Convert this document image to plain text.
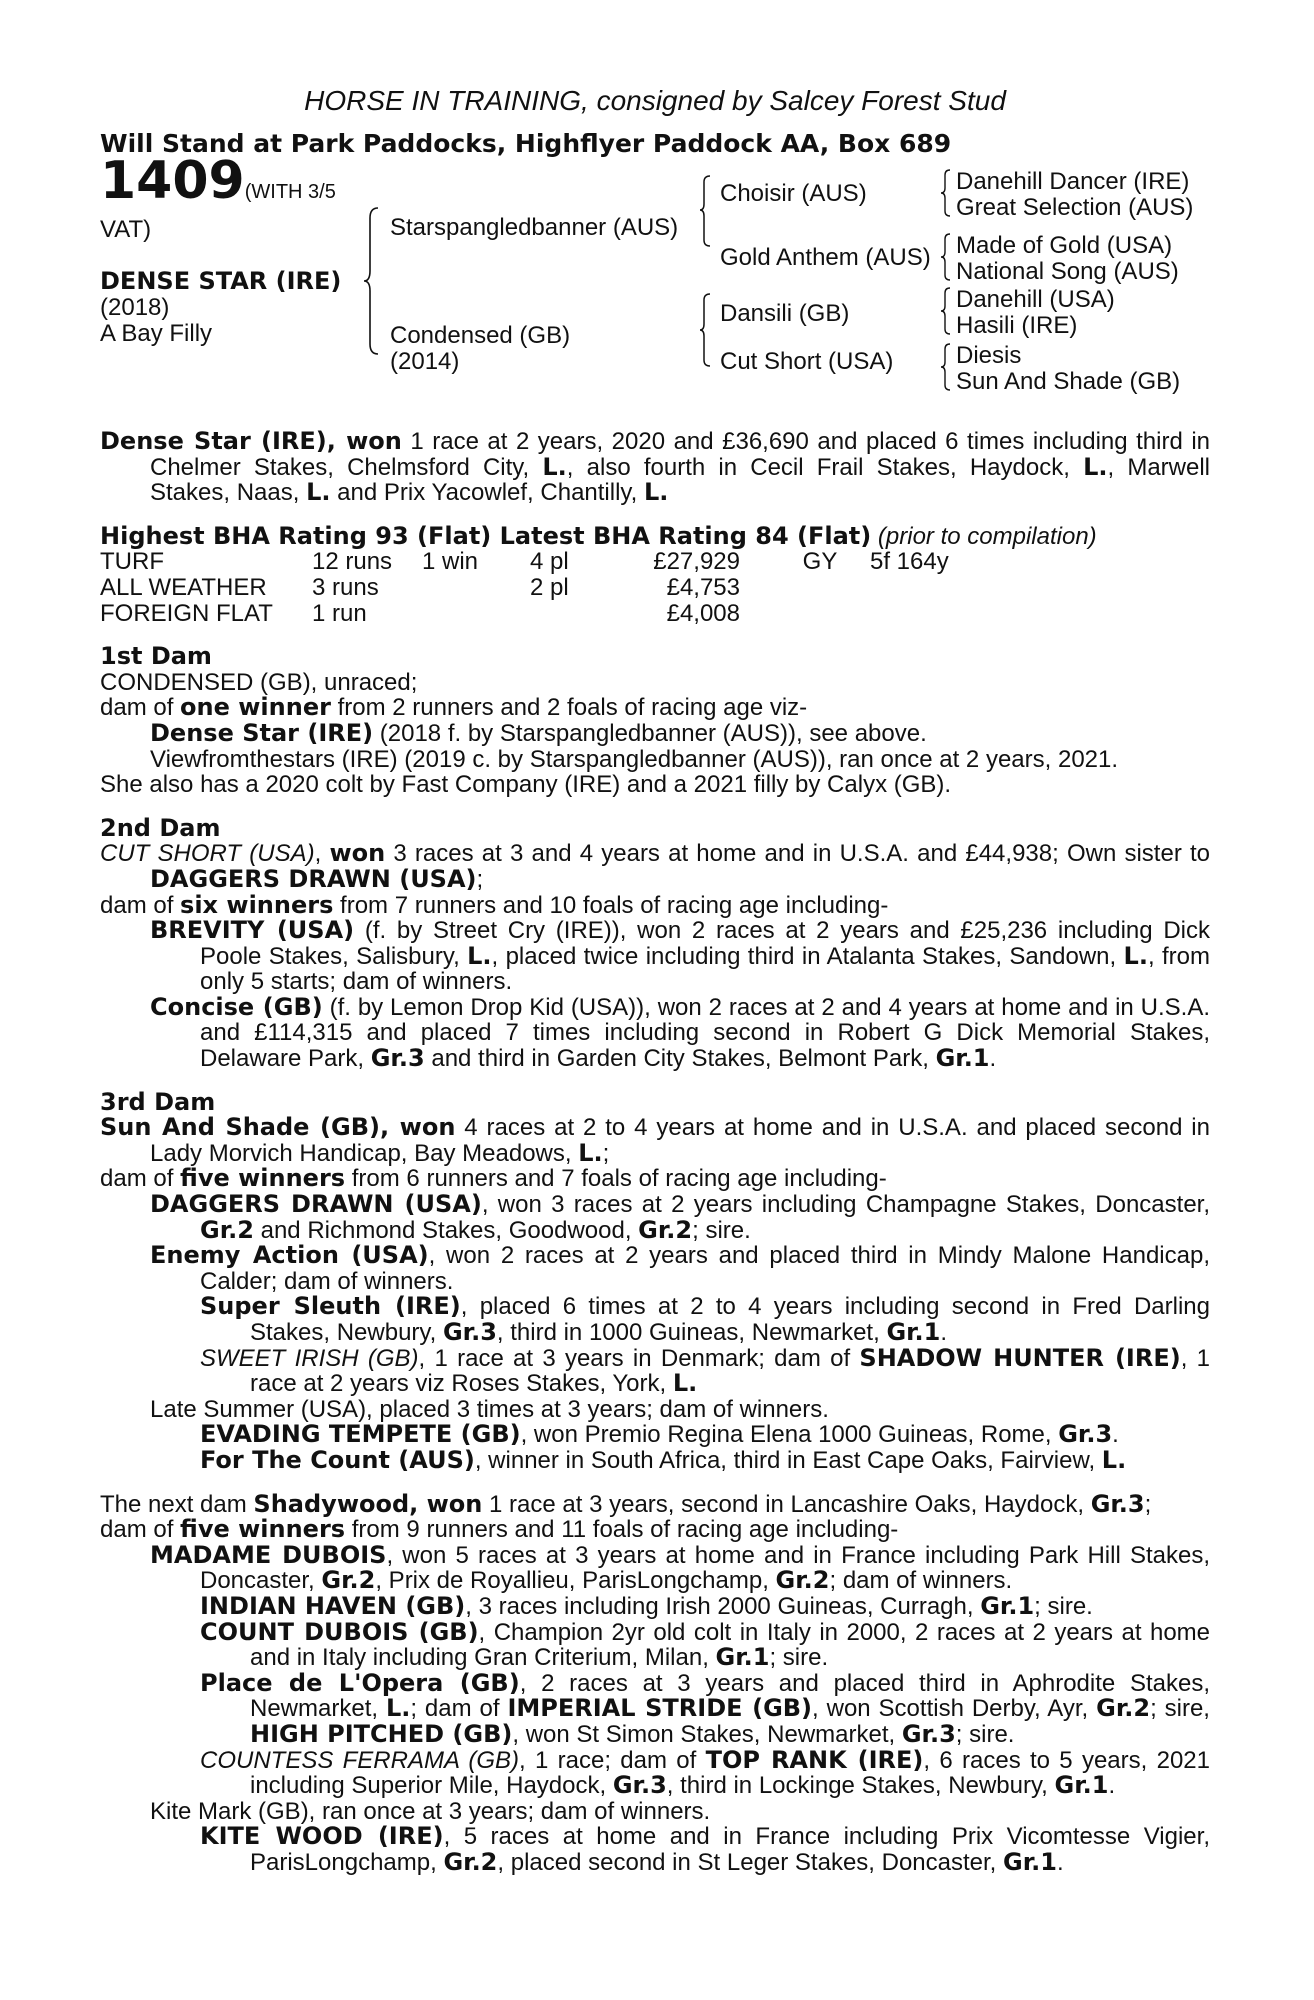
HORSE IN TRAINING, consigned by Salcey Forest Stud
Will Stand at Park Paddocks, Highflyer Paddock AA, Box 689
1409(WITH 3/5
VAT)
DENSE STAR (IRE)
(2018)
A Bay Filly
Starspangledbanner (AUS)
Condensed (GB)
(2014)
Choisir (AUS)
Gold Anthem (AUS)
Dansili (GB)
Cut Short (USA)
Danehill Dancer (IRE)
Great Selection (AUS)
Made of Gold (USA)
National Song (AUS)
Danehill (USA)
Hasili (IRE)
Diesis
Sun And Shade (GB)

Dense Star (IRE), won 1 race at 2 years, 2020 and £36,690 and placed 6 times including third in Chelmer Stakes, Chelmsford City, L., also fourth in Cecil Frail Stakes, Haydock, L., Marwell Stakes, Naas, L. and Prix Yacowlef, Chantilly, L.

Highest BHA Rating 93 (Flat) Latest BHA Rating 84 (Flat) (prior to compilation)
TURF	12 runs	1 win	4 pl	£27,929	GY	5f 164y
ALL WEATHER	3 runs		2 pl	£4,753		
FOREIGN FLAT	1 run			£4,008		
1st Dam
CONDENSED (GB), unraced;
dam of one winner from 2 runners and 2 foals of racing age viz-
Dense Star (IRE) (2018 f. by Starspangledbanner (AUS)), see above.
Viewfromthestars (IRE) (2019 c. by Starspangledbanner (AUS)), ran once at 2 years, 2021.
She also has a 2020 colt by Fast Company (IRE) and a 2021 filly by Calyx (GB).
2nd Dam

CUT SHORT (USA), won 3 races at 3 and 4 years at home and in U.S.A. and £44,938; Own sister to DAGGERS DRAWN (USA);

dam of six winners from 7 runners and 10 foals of racing age including-

BREVITY (USA) (f. by Street Cry (IRE)), won 2 races at 2 years and £25,236 including Dick Poole Stakes, Salisbury, L., placed twice including third in Atalanta Stakes, Sandown, L., from only 5 starts; dam of winners.

Concise (GB) (f. by Lemon Drop Kid (USA)), won 2 races at 2 and 4 years at home and in U.S.A. and £114,315 and placed 7 times including second in Robert G Dick Memorial Stakes, Delaware Park, Gr.3 and third in Garden City Stakes, Belmont Park, Gr.1.

3rd Dam

Sun And Shade (GB), won 4 races at 2 to 4 years at home and in U.S.A. and placed second in Lady Morvich Handicap, Bay Meadows, L.;

dam of five winners from 6 runners and 7 foals of racing age including-

DAGGERS DRAWN (USA), won 3 races at 2 years including Champagne Stakes, Doncaster, Gr.2 and Richmond Stakes, Goodwood, Gr.2; sire.

Enemy Action (USA), won 2 races at 2 years and placed third in Mindy Malone Handicap, Calder; dam of winners.

Super Sleuth (IRE), placed 6 times at 2 to 4 years including second in Fred Darling Stakes, Newbury, Gr.3, third in 1000 Guineas, Newmarket, Gr.1.

SWEET IRISH (GB), 1 race at 3 years in Denmark; dam of SHADOW HUNTER (IRE), 1 race at 2 years viz Roses Stakes, York, L.

Late Summer (USA), placed 3 times at 3 years; dam of winners.

EVADING TEMPETE (GB), won Premio Regina Elena 1000 Guineas, Rome, Gr.3.

For The Count (AUS), winner in South Africa, third in East Cape Oaks, Fairview, L.

The next dam Shadywood, won 1 race at 3 years, second in Lancashire Oaks, Haydock, Gr.3;
dam of five winners from 9 runners and 11 foals of racing age including-

MADAME DUBOIS, won 5 races at 3 years at home and in France including Park Hill Stakes, Doncaster, Gr.2, Prix de Royallieu, ParisLongchamp, Gr.2; dam of winners.

INDIAN HAVEN (GB), 3 races including Irish 2000 Guineas, Curragh, Gr.1; sire.

COUNT DUBOIS (GB), Champion 2yr old colt in Italy in 2000, 2 races at 2 years at home and in Italy including Gran Criterium, Milan, Gr.1; sire.

Place de L'Opera (GB), 2 races at 3 years and placed third in Aphrodite Stakes, Newmarket, L.; dam of IMPERIAL STRIDE (GB), won Scottish Derby, Ayr, Gr.2; sire, HIGH PITCHED (GB), won St Simon Stakes, Newmarket, Gr.3; sire.

COUNTESS FERRAMA (GB), 1 race; dam of TOP RANK (IRE), 6 races to 5 years, 2021 including Superior Mile, Haydock, Gr.3, third in Lockinge Stakes, Newbury, Gr.1.

Kite Mark (GB), ran once at 3 years; dam of winners.

KITE WOOD (IRE), 5 races at home and in France including Prix Vicomtesse Vigier, ParisLongchamp, Gr.2, placed second in St Leger Stakes, Doncaster, Gr.1.
